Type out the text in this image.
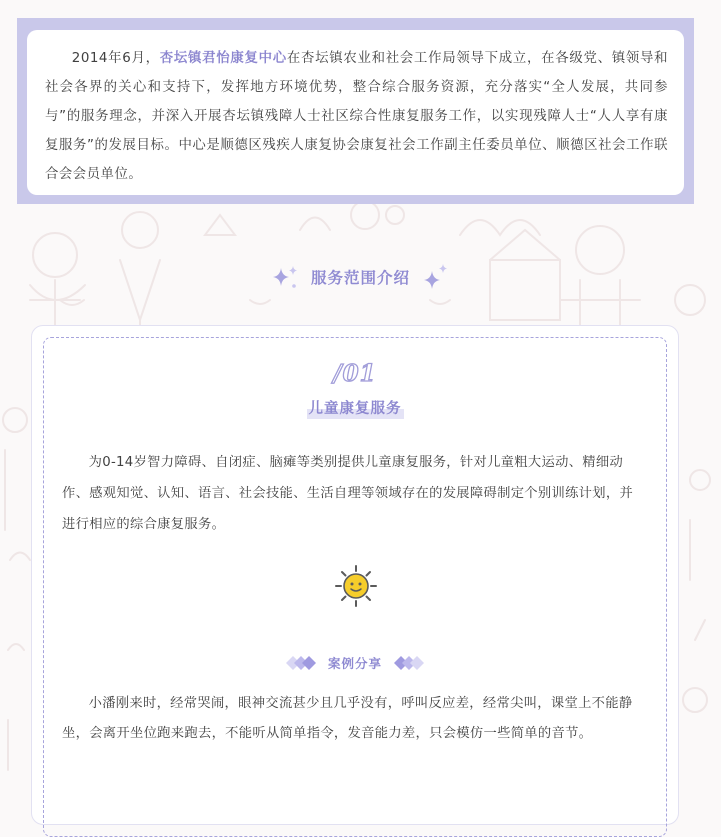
2014年6月，杏坛镇君怡康复中心在杏坛镇农业和社会工作局领导下成立，在各级党、镇领导和社会各界的关心和支持下，发挥地方环境优势，整合综合服务资源，充分落实“全人发展，共同参与”的服务理念，并深入开展杏坛镇残障人士社区综合性康复服务工作，以实现残障人士“人人享有康复服务”的发展目标。中心是顺德区残疾人康复协会康复社会工作副主任委员单位、顺德区社会工作联合会会员单位。

服务范围介绍
/01
儿童康复服务

为0-14岁智力障碍、自闭症、脑瘫等类别提供儿童康复服务，针对儿童粗大运动、精细动作、感观知觉、认知、语言、社会技能、生活自理等领域存在的发展障碍制定个别训练计划，并进行相应的综合康复服务。

案例分享

小潘刚来时，经常哭闹，眼神交流甚少且几乎没有，呼叫反应差，经常尖叫，课堂上不能静坐，会离开坐位跑来跑去，不能听从简单指令，发音能力差，只会模仿一些简单的音节。
